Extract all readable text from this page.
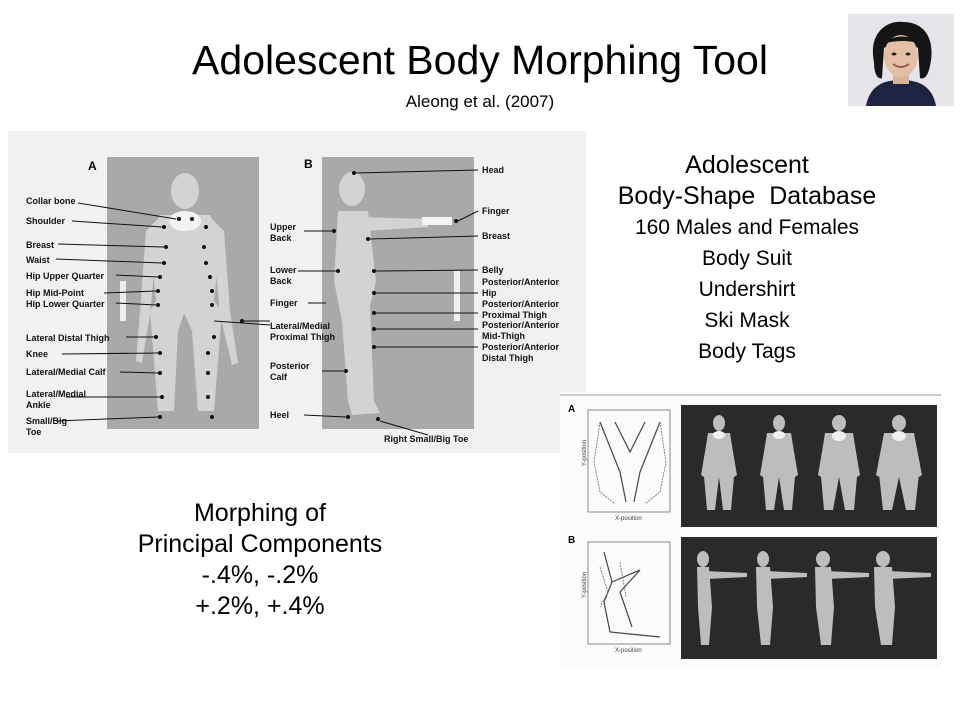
Adolescent Body Morphing Tool
Aleong et al. (2007)
A	B
Collar bone
Shoulder
Breast
Waist
Hip Upper Quarter
Hip Mid-Point
Hip Lower Quarter
Lateral Distal Thigh
Knee
Lateral/Medial Calf
Lateral/Medial
Ankle
Small/Big
Toe
Upper
Back
Lower
Back
Finger
Lateral/Medial
Proximal Thigh
Posterior
Calf
Heel
Head
Finger
Breast
Belly
Posterior/Anterior
Hip
Posterior/Anterior
Proximal Thigh
Posterior/Anterior
Mid-Thigh
Posterior/Anterior
Distal Thigh
Right Small/Big Toe
Adolescent
Body-Shape  Database
160 Males and Females
Body Suit
Undershirt
Ski Mask
Body Tags
Morphing of
Principal Components
-.4%, -.2%
+.2%, +.4%
A
B
Y-position
Y-position
X-position
X-position
